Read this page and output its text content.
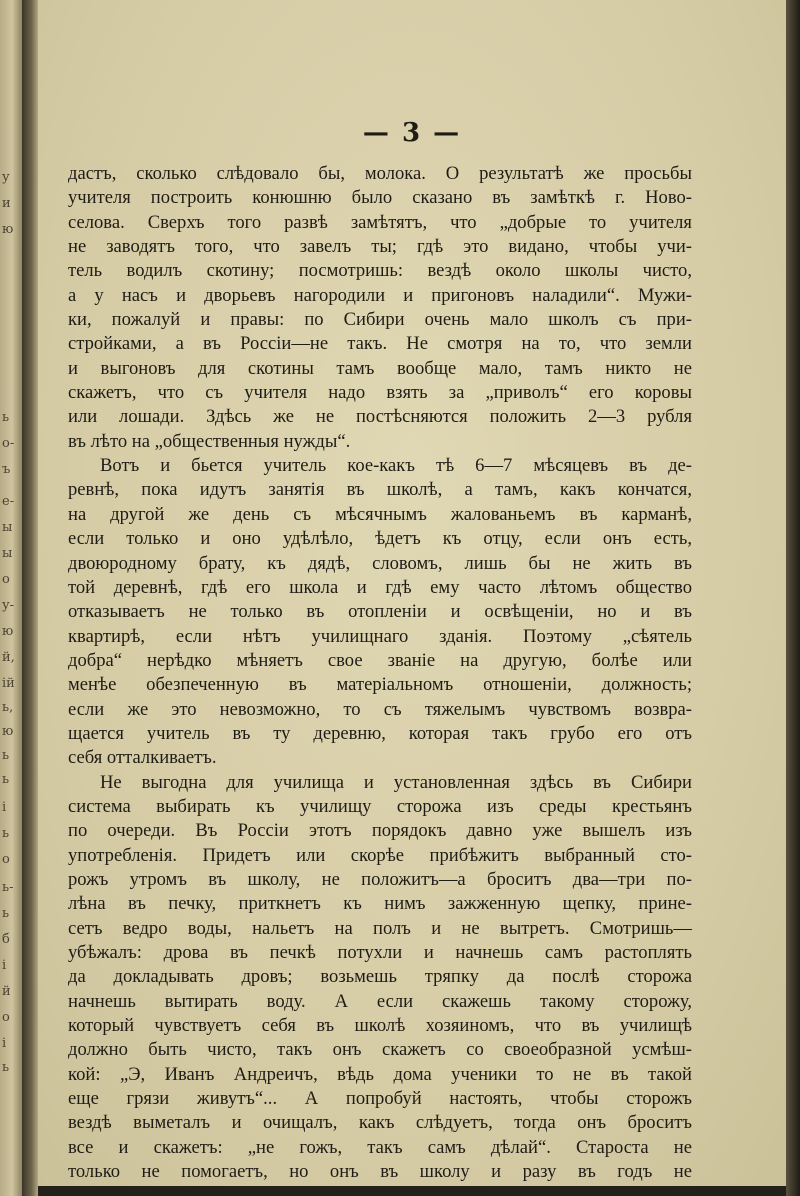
у
и
ю
ь
о-
ъ
е-
ы
ы
о
у-
ю
й,
ій
ь,
ю
ь
ь
і
ь
о
ь-
ь
б
і
й
о
і
ь
— 3 —
дастъ, сколько слѣдовало бы, молока. О результатѣ же просьбы
учителя построить конюшню было сказано въ замѣткѣ г. Ново-
селова. Сверхъ того развѣ замѣтятъ, что „добрые то учителя
не заводятъ того, что завелъ ты; гдѣ это видано, чтобы учи-
тель водилъ скотину; посмотришь: вездѣ около школы чисто,
а у насъ и дворьевъ нагородили и пригоновъ наладили“. Мужи-
ки, пожалуй и правы: по Сибири очень мало школъ съ при-
стройками, а въ Россіи—не такъ. Не смотря на то, что земли
и выгоновъ для скотины тамъ вообще мало, тамъ никто не
скажетъ, что съ учителя надо взять за „приволъ“ его коровы
или лошади. Здѣсь же не постѣсняются положить 2—3 рубля
въ лѣто на „общественныя нужды“.
Вотъ и бьется учитель кое-какъ тѣ 6—7 мѣсяцевъ въ де-
ревнѣ, пока идутъ занятія въ школѣ, а тамъ, какъ кончатся,
на другой же день съ мѣсячнымъ жалованьемъ въ карманѣ,
если только и оно удѣлѣло, ѣдетъ къ отцу, если онъ есть,
двоюродному брату, къ дядѣ, словомъ, лишь бы не жить въ
той деревнѣ, гдѣ его школа и гдѣ ему часто лѣтомъ общество
отказываетъ не только въ отопленіи и освѣщеніи, но и въ
квартирѣ, если нѣтъ училищнаго зданія. Поэтому „сѣятель
добра“ нерѣдко мѣняетъ свое званіе на другую, болѣе или
менѣе обезпеченную въ матеріальномъ отношеніи, должность;
если же это невозможно, то съ тяжелымъ чувствомъ возвра-
щается учитель въ ту деревню, которая такъ грубо его отъ
себя отталкиваетъ.
Не выгодна для училища и установленная здѣсь въ Сибири
система выбирать къ училищу сторожа изъ среды крестьянъ
по очереди. Въ Россіи этотъ порядокъ давно уже вышелъ изъ
употребленія. Придетъ или скорѣе прибѣжитъ выбранный сто-
рожъ утромъ въ школу, не положитъ—а броситъ два—три по-
лѣна въ печку, приткнетъ къ нимъ зажженную щепку, прине-
сетъ ведро воды, нальетъ на полъ и не вытретъ. Смотришь—
убѣжалъ: дрова въ печкѣ потухли и начнешь самъ растоплять
да докладывать дровъ; возьмешь тряпку да послѣ сторожа
начнешь вытирать воду. А если скажешь такому сторожу,
который чувствуетъ себя въ школѣ хозяиномъ, что въ училищѣ
должно быть чисто, такъ онъ скажетъ со своеобразной усмѣш-
кой: „Э, Иванъ Андреичъ, вѣдь дома ученики то не въ такой
еще грязи живутъ“... А попробуй настоять, чтобы сторожъ
вездѣ выметалъ и очищалъ, какъ слѣдуетъ, тогда онъ броситъ
все и скажетъ: „не гожъ, такъ самъ дѣлай“. Староста не
только не помогаетъ, но онъ въ школу и разу въ годъ не
